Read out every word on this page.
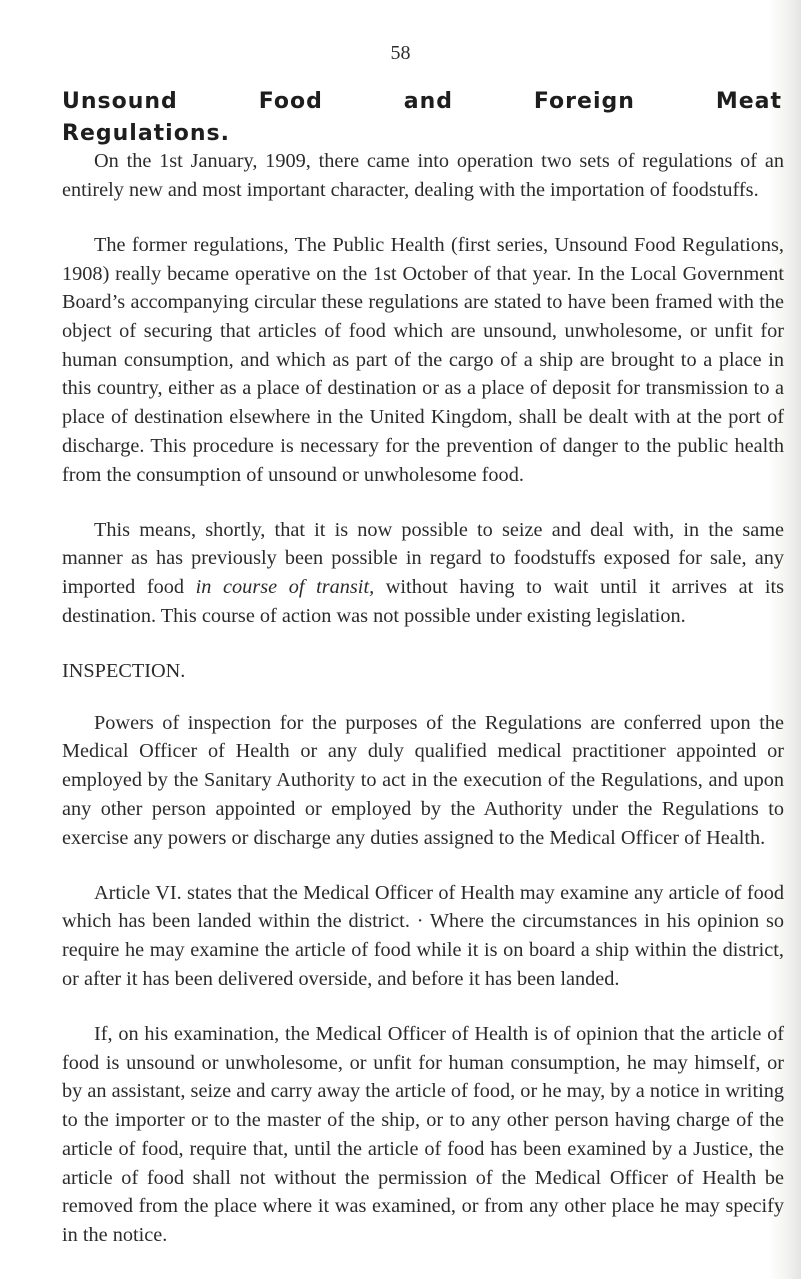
58
Unsound	Food	and	Foreign	Meat
Regulations.

On the 1st January, 1909, there came into operation two sets of regulations of an entirely new and most important character, dealing with the importation of foodstuffs.

The former regulations, The Public Health (first series, Unsound Food Regulations, 1908) really became operative on the 1st October of that year. In the Local Government Board’s accompanying circular these regulations are stated to have been framed with the object of securing that articles of food which are unsound, unwholesome, or unfit for human consumption, and which as part of the cargo of a ship are brought to a place in this country, either as a place of destination or as a place of deposit for transmission to a place of destination elsewhere in the United Kingdom, shall be dealt with at the port of discharge. This procedure is necessary for the prevention of danger to the public health from the consumption of unsound or unwholesome food.

This means, shortly, that it is now possible to seize and deal with, in the same manner as has previously been possible in regard to foodstuffs exposed for sale, any imported food in course of transit, without having to wait until it arrives at its destination. This course of action was not possible under existing legislation.

INSPECTION.

Powers of inspection for the purposes of the Regulations are conferred upon the Medical Officer of Health or any duly qualified medical practitioner appointed or employed by the Sanitary Authority to act in the execution of the Regulations, and upon any other person appointed or employed by the Authority under the Regulations to exercise any powers or discharge any duties assigned to the Medical Officer of Health.

Article VI. states that the Medical Officer of Health may examine any article of food which has been landed within the district. · Where the circumstances in his opinion so require he may examine the article of food while it is on board a ship within the district, or after it has been delivered overside, and before it has been landed.

If, on his examination, the Medical Officer of Health is of opinion that the article of food is unsound or unwholesome, or unfit for human consumption, he may himself, or by an assistant, seize and carry away the article of food, or he may, by a notice in writing to the importer or to the master of the ship, or to any other person having charge of the article of food, require that, until the article of food has been examined by a Justice, the article of food shall not without the permission of the Medical Officer of Health be removed from the place where it was examined, or from any other place he may specify in the notice.
